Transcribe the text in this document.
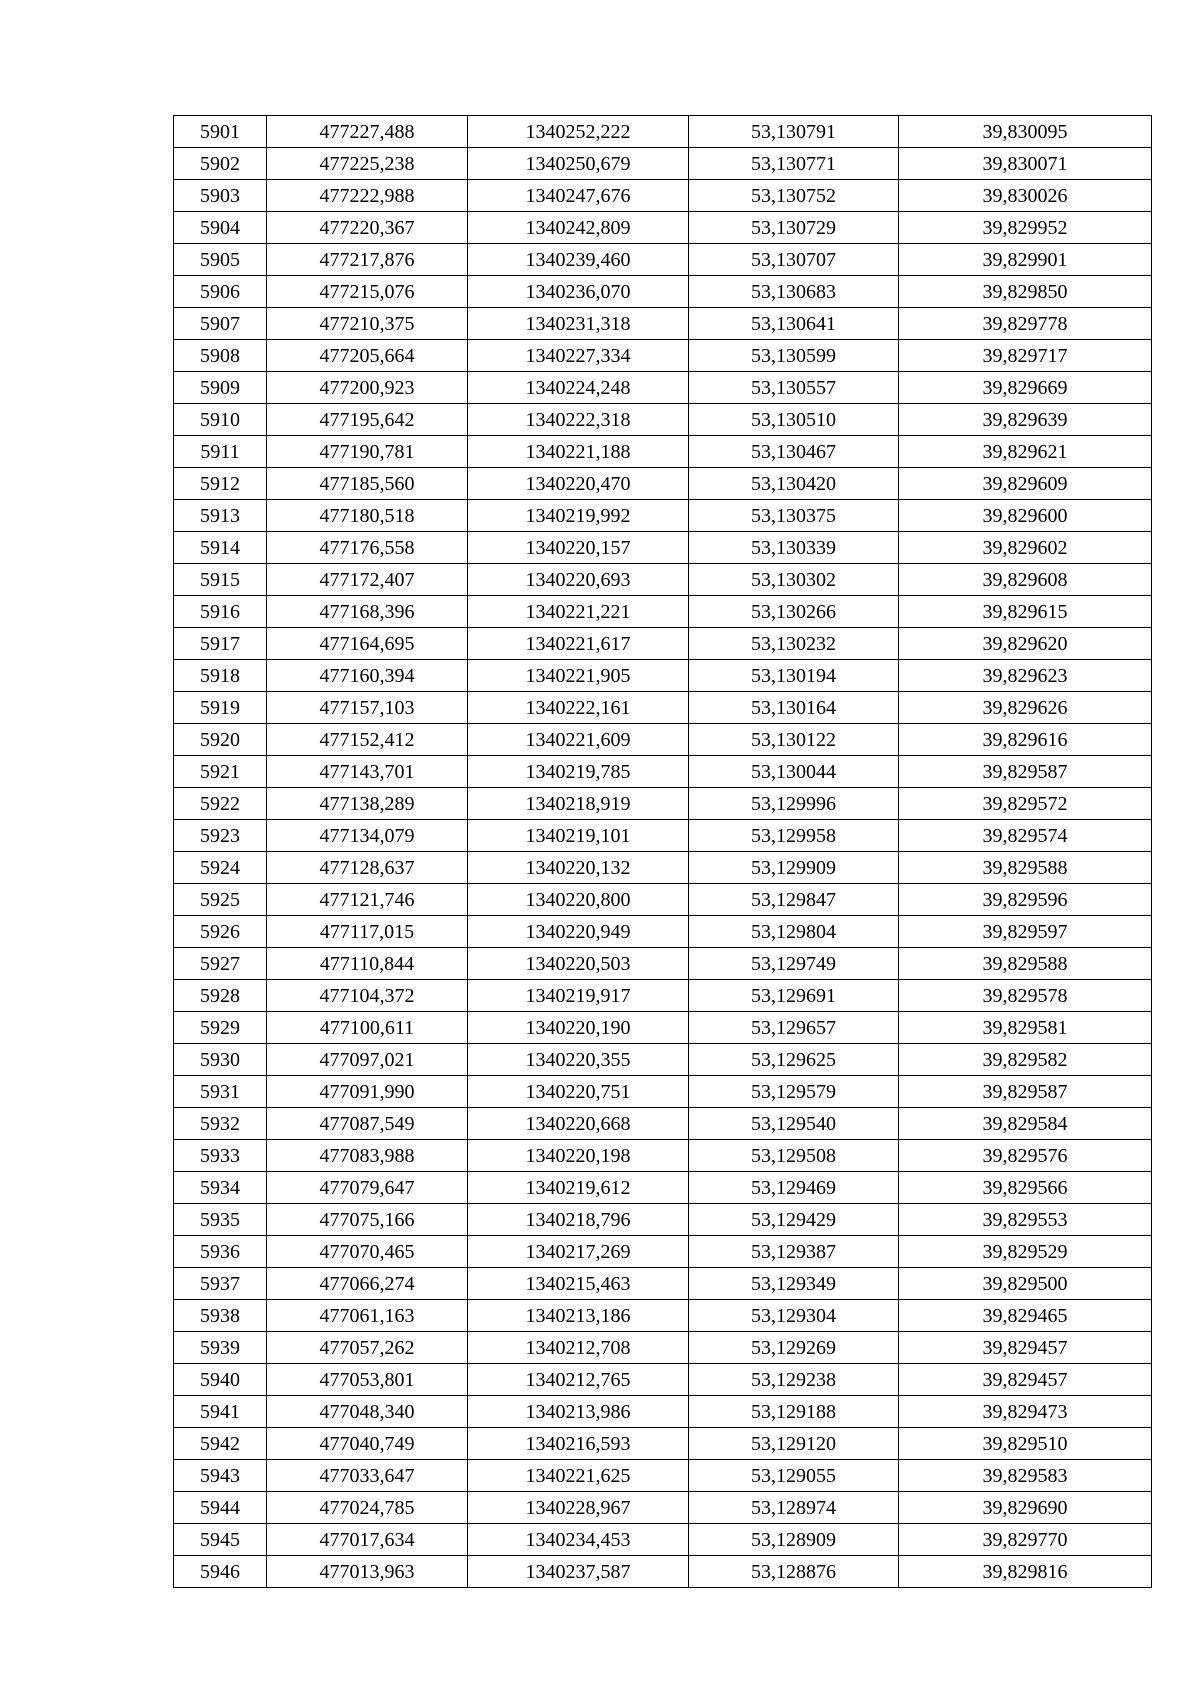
5901	477227,488	1340252,222	53,130791	39,830095
5902	477225,238	1340250,679	53,130771	39,830071
5903	477222,988	1340247,676	53,130752	39,830026
5904	477220,367	1340242,809	53,130729	39,829952
5905	477217,876	1340239,460	53,130707	39,829901
5906	477215,076	1340236,070	53,130683	39,829850
5907	477210,375	1340231,318	53,130641	39,829778
5908	477205,664	1340227,334	53,130599	39,829717
5909	477200,923	1340224,248	53,130557	39,829669
5910	477195,642	1340222,318	53,130510	39,829639
5911	477190,781	1340221,188	53,130467	39,829621
5912	477185,560	1340220,470	53,130420	39,829609
5913	477180,518	1340219,992	53,130375	39,829600
5914	477176,558	1340220,157	53,130339	39,829602
5915	477172,407	1340220,693	53,130302	39,829608
5916	477168,396	1340221,221	53,130266	39,829615
5917	477164,695	1340221,617	53,130232	39,829620
5918	477160,394	1340221,905	53,130194	39,829623
5919	477157,103	1340222,161	53,130164	39,829626
5920	477152,412	1340221,609	53,130122	39,829616
5921	477143,701	1340219,785	53,130044	39,829587
5922	477138,289	1340218,919	53,129996	39,829572
5923	477134,079	1340219,101	53,129958	39,829574
5924	477128,637	1340220,132	53,129909	39,829588
5925	477121,746	1340220,800	53,129847	39,829596
5926	477117,015	1340220,949	53,129804	39,829597
5927	477110,844	1340220,503	53,129749	39,829588
5928	477104,372	1340219,917	53,129691	39,829578
5929	477100,611	1340220,190	53,129657	39,829581
5930	477097,021	1340220,355	53,129625	39,829582
5931	477091,990	1340220,751	53,129579	39,829587
5932	477087,549	1340220,668	53,129540	39,829584
5933	477083,988	1340220,198	53,129508	39,829576
5934	477079,647	1340219,612	53,129469	39,829566
5935	477075,166	1340218,796	53,129429	39,829553
5936	477070,465	1340217,269	53,129387	39,829529
5937	477066,274	1340215,463	53,129349	39,829500
5938	477061,163	1340213,186	53,129304	39,829465
5939	477057,262	1340212,708	53,129269	39,829457
5940	477053,801	1340212,765	53,129238	39,829457
5941	477048,340	1340213,986	53,129188	39,829473
5942	477040,749	1340216,593	53,129120	39,829510
5943	477033,647	1340221,625	53,129055	39,829583
5944	477024,785	1340228,967	53,128974	39,829690
5945	477017,634	1340234,453	53,128909	39,829770
5946	477013,963	1340237,587	53,128876	39,829816
